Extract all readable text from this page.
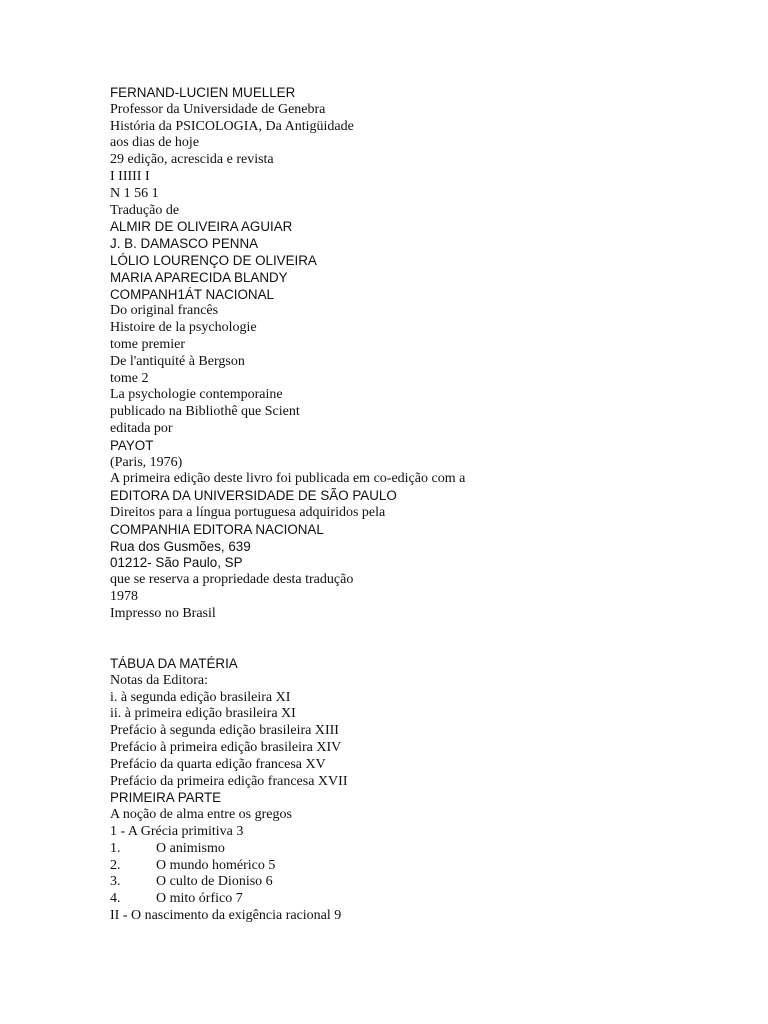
FERNAND-LUCIEN MUELLER
Professor da Universidade de Genebra
História da PSICOLOGIA, Da Antigüidade
aos dias de hoje
29 edição, acrescida e revista
I IIIII I
N 1 56 1
Tradução de
ALMIR DE OLIVEIRA AGUIAR
J. B. DAMASCO PENNA
LÓLIO LOURENÇO DE OLIVEIRA
MARIA APARECIDA BLANDY
COMPANH1ÁT NACIONAL
Do original francês
Histoire de la psychologie
tome premier
De l'antiquité à Bergson
tome 2
La psychologie contemporaine
publicado na Bibliothê que Scient
editada por
PAYOT
(Paris, 1976)
A primeira edição deste livro foi publicada em co-edição com a
EDITORA DA UNIVERSIDADE DE SÃO PAULO
Direitos para a língua portuguesa adquiridos pela
COMPANHIA EDITORA NACIONAL
Rua dos Gusmões, 639
01212- São Paulo, SP
que se reserva a propriedade desta tradução
1978
Impresso no Brasil
TÁBUA DA MATÉRIA
Notas da Editora:
i. à segunda edição brasileira XI
ii. à primeira edição brasileira XI
Prefácio à segunda edição brasileira XIII
Prefácio à primeira edição brasileira XIV
Prefácio da quarta edição francesa XV
Prefácio da primeira edição francesa XVII
PRIMEIRA PARTE
A noção de alma entre os gregos
1 - A Grécia primitiva 3
1.	O animismo
2.	O mundo homérico 5
3.	O culto de Dioniso 6
4.	O mito órfico 7
II - O nascimento da exigência racional 9
